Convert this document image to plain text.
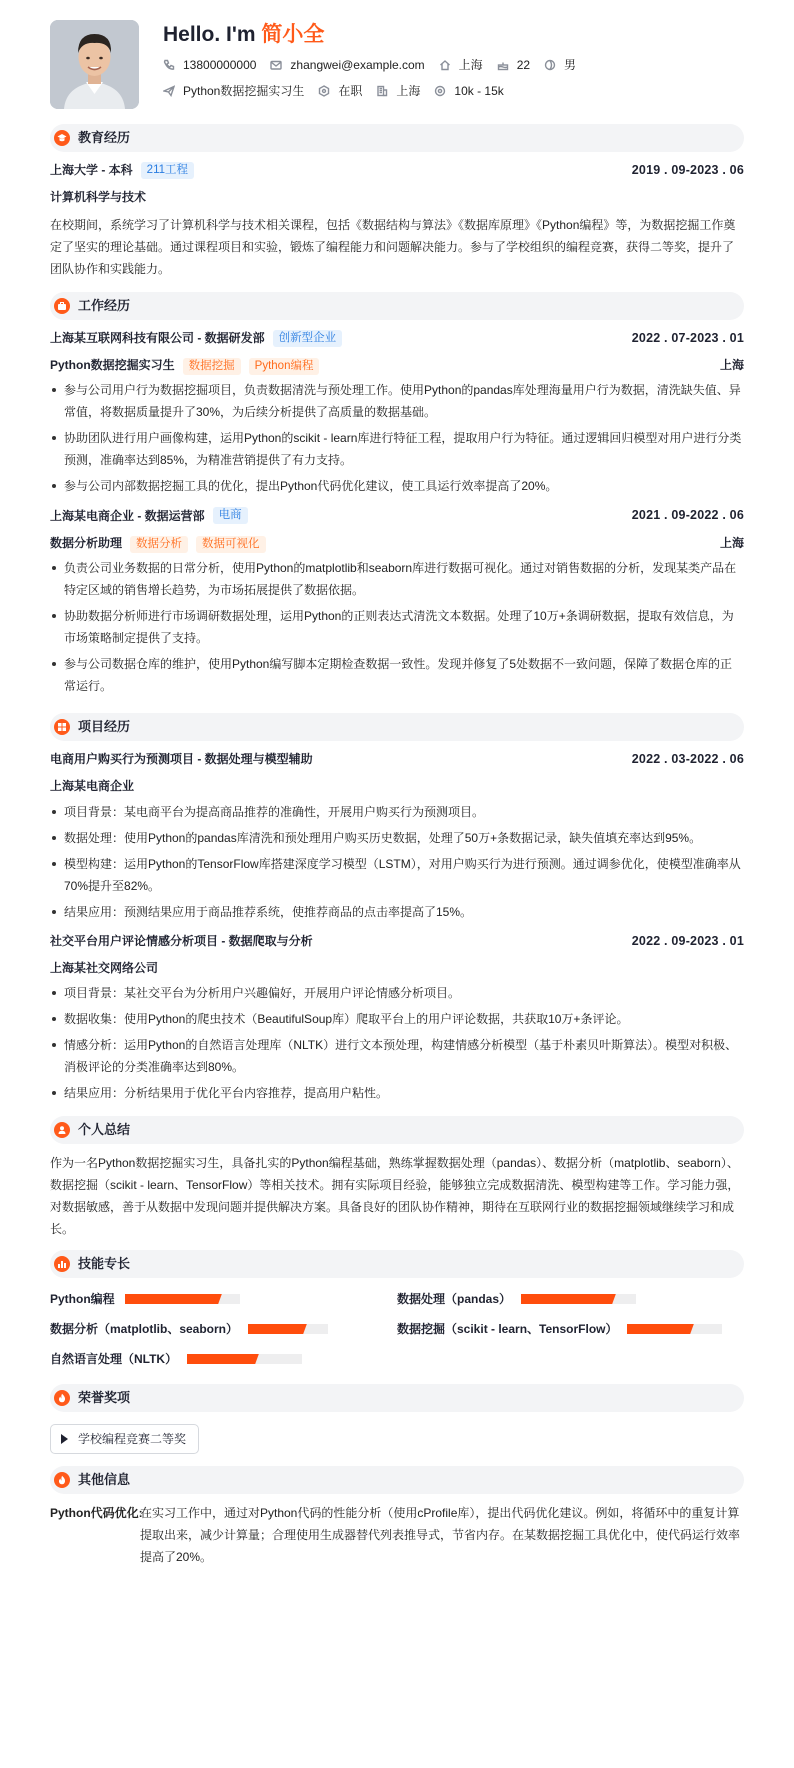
Hello. I'm 简小全
13800000000	zhangwei@example.com	上海	22	男
Python数据挖掘实习生	在职	上海	10k - 15k
教育经历
上海大学 - 本科	211工程	2019 . 09-2023 . 06
计算机科学与技术
在校期间，系统学习了计算机科学与技术相关课程，包括《数据结构与算法》《数据库原理》《Python编程》等，为数据挖掘工作奠定了坚实的理论基础。通过课程项目和实验，锻炼了编程能力和问题解决能力。参与了学校组织的编程竞赛，获得二等奖，提升了团队协作和实践能力。
工作经历
上海某互联网科技有限公司 - 数据研发部	创新型企业	2022 . 07-2023 . 01
Python数据挖掘实习生 数据挖掘 Python编程	上海
参与公司用户行为数据挖掘项目，负责数据清洗与预处理工作。使用Python的pandas库处理海量用户行为数据，清洗缺失值、异常值，将数据质量提升了30%，为后续分析提供了高质量的数据基础。
协助团队进行用户画像构建，运用Python的scikit - learn库进行特征工程，提取用户行为特征。通过逻辑回归模型对用户进行分类预测，准确率达到85%，为精准营销提供了有力支持。
参与公司内部数据挖掘工具的优化，提出Python代码优化建议，使工具运行效率提高了20%。
上海某电商企业 - 数据运营部	电商	2021 . 09-2022 . 06
数据分析助理 数据分析 数据可视化	上海
负责公司业务数据的日常分析，使用Python的matplotlib和seaborn库进行数据可视化。通过对销售数据的分析，发现某类产品在特定区域的销售增长趋势，为市场拓展提供了数据依据。
协助数据分析师进行市场调研数据处理，运用Python的正则表达式清洗文本数据。处理了10万+条调研数据，提取有效信息，为市场策略制定提供了支持。
参与公司数据仓库的维护，使用Python编写脚本定期检查数据一致性。发现并修复了5处数据不一致问题，保障了数据仓库的正常运行。
项目经历
电商用户购买行为预测项目 - 数据处理与模型辅助	2022 . 03-2022 . 06
上海某电商企业
项目背景：某电商平台为提高商品推荐的准确性，开展用户购买行为预测项目。
数据处理：使用Python的pandas库清洗和预处理用户购买历史数据，处理了50万+条数据记录，缺失值填充率达到95%。
模型构建：运用Python的TensorFlow库搭建深度学习模型（LSTM），对用户购买行为进行预测。通过调参优化，使模型准确率从70%提升至82%。
结果应用：预测结果应用于商品推荐系统，使推荐商品的点击率提高了15%。
社交平台用户评论情感分析项目 - 数据爬取与分析	2022 . 09-2023 . 01
上海某社交网络公司
项目背景：某社交平台为分析用户兴趣偏好，开展用户评论情感分析项目。
数据收集：使用Python的爬虫技术（BeautifulSoup库）爬取平台上的用户评论数据，共获取10万+条评论。
情感分析：运用Python的自然语言处理库（NLTK）进行文本预处理，构建情感分析模型（基于朴素贝叶斯算法）。模型对积极、消极评论的分类准确率达到80%。
结果应用：分析结果用于优化平台内容推荐，提高用户粘性。
个人总结
作为一名Python数据挖掘实习生，具备扎实的Python编程基础，熟练掌握数据处理（pandas）、数据分析（matplotlib、seaborn）、数据挖掘（scikit - learn、TensorFlow）等相关技术。拥有实际项目经验，能够独立完成数据清洗、模型构建等工作。学习能力强，对数据敏感，善于从数据中发现问题并提供解决方案。具备良好的团队协作精神，期待在互联网行业的数据挖掘领域继续学习和成长。
技能专长
Python编程	数据处理（pandas）
数据分析（matplotlib、seaborn）	数据挖掘（scikit - learn、TensorFlow）
自然语言处理（NLTK）
荣誉奖项
学校编程竞赛二等奖
其他信息
Python代码优化:
在实习工作中，通过对Python代码的性能分析（使用cProfile库），提出代码优化建议。例如，将循环中的重复计算提取出来，减少计算量；合理使用生成器替代列表推导式，节省内存。在某数据挖掘工具优化中，使代码运行效率提高了20%。
